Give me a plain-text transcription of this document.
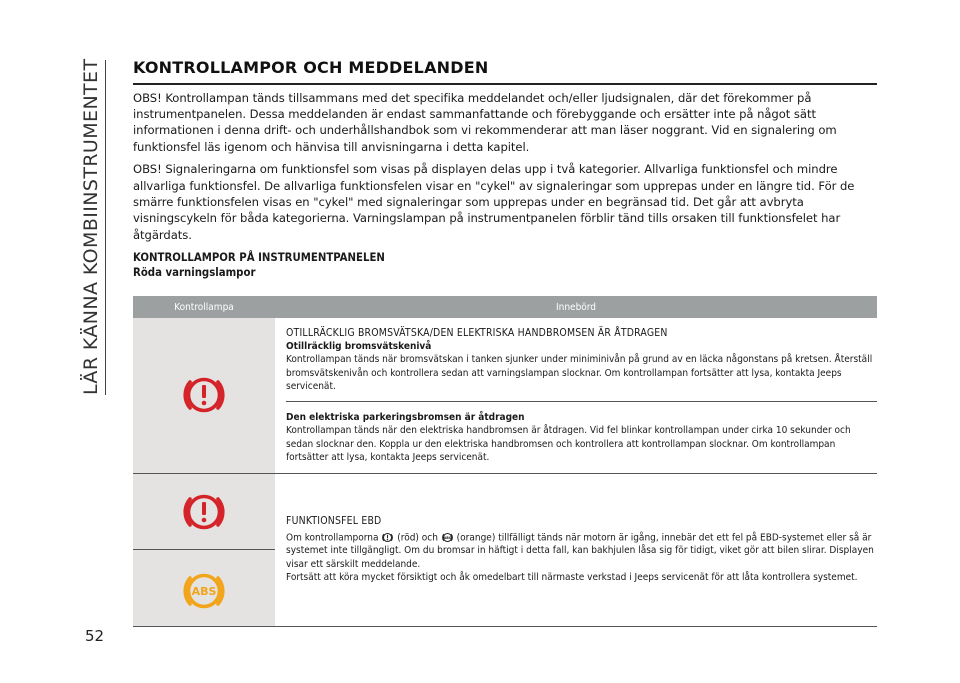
LÄR KÄNNA KOMBIINSTRUMENTET
52
KONTROLLAMPOR OCH MEDDELANDEN

OBS! Kontrollampan tänds tillsammans med det specifika meddelandet och/eller ljudsignalen, där det förekommer på instrumentpanelen. Dessa meddelanden är endast sammanfattande och förebyggande och ersätter inte på något sätt informationen i denna drift- och underhållshandbok som vi rekommenderar att man läser noggrant. Vid en signalering om funktionsfel läs igenom och hänvisa till anvisningarna i detta kapitel.

OBS! Signaleringarna om funktionsfel som visas på displayen delas upp i två kategorier. Allvarliga funktionsfel och mindre allvarliga funktionsfel. De allvarliga funktionsfelen visar en "cykel" av signaleringar som upprepas under en längre tid. För de smärre funktionsfelen visas en "cykel" med signaleringar som upprepas under en begränsad tid. Det går att avbryta visningscykeln för båda kategorierna. Varningslampan på instrumentpanelen förblir tänd tills orsaken till funktionsfelet har åtgärdats.

KONTROLLAMPOR PÅ INSTRUMENTPANELEN
Röda varningslampor
Kontrollampa	Innebörd

OTILLRÄCKLIG BROMSVÄTSKA/DEN ELEKTRISKA HANDBROMSEN ÄR ÅTDRAGEN
Otillräcklig bromsvätskenivå
Kontrollampan tänds när bromsvätskan i tanken sjunker under miniminivån på grund av en läcka någonstans på kretsen. Återställ bromsvätskenivån och kontrollera sedan att varningslampan slocknar. Om kontrollampan fortsätter att lysa, kontakta Jeeps servicenät.
Den elektriska parkeringsbromsen är åtdragen
Kontrollampan tänds när den elektriska handbromsen är åtdragen. Vid fel blinkar kontrollampan under cirka 10 sekunder och sedan slocknar den. Koppla ur den elektriska handbromsen och kontrollera att kontrollampan slocknar. Om kontrollampan fortsätter att lysa, kontakta Jeeps servicenät.

ABS	FUNKTIONSFEL EBD
Om kontrollamporna (röd) och ABS (orange) tillfälligt tänds när motorn är igång, innebär det ett fel på EBD-systemet eller så är systemet inte tillgängligt. Om du bromsar in häftigt i detta fall, kan bakhjulen låsa sig för tidigt, viket gör att bilen slirar. Displayen visar ett särskilt meddelande.
Fortsätt att köra mycket försiktigt och åk omedelbart till närmaste verkstad i Jeeps servicenät för att låta kontrollera systemet.
